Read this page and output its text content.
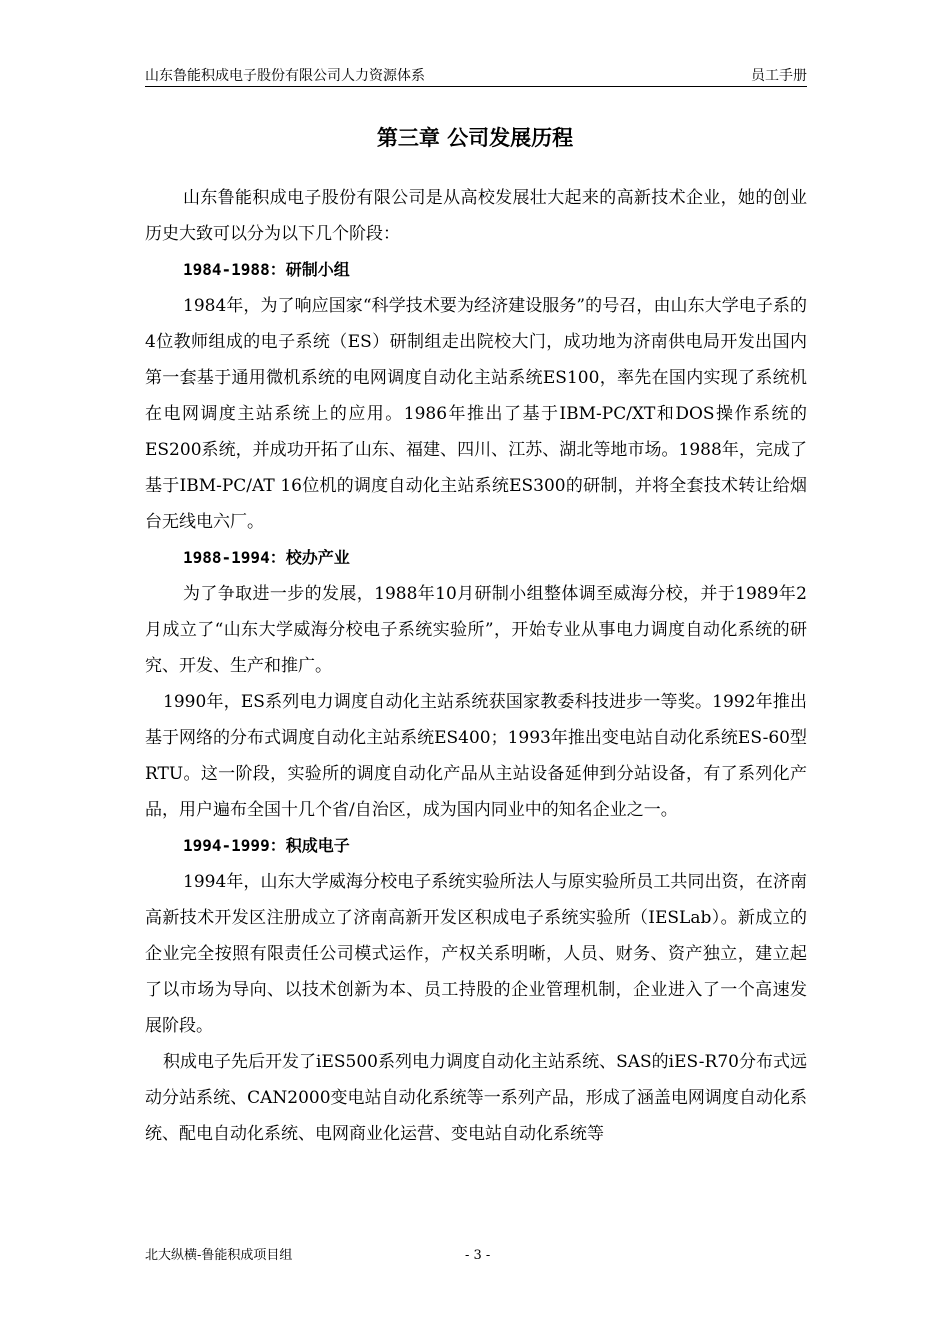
山东鲁能积成电子股份有限公司人力资源体系	员工手册
第三章 公司发展历程

山东鲁能积成电子股份有限公司是从高校发展壮大起来的高新技术企业，她的创业历史大致可以分为以下几个阶段：

1984-1988：研制小组

1984年，为了响应国家“科学技术要为经济建设服务”的号召，由山东大学电子系的4位教师组成的电子系统（ES）研制组走出院校大门，成功地为济南供电局开发出国内第一套基于通用微机系统的电网调度自动化主站系统ES100，率先在国内实现了系统机在电网调度主站系统上的应用。1986年推出了基于IBM-PC/XT和DOS操作系统的ES200系统，并成功开拓了山东、福建、四川、江苏、湖北等地市场。1988年，完成了基于IBM-PC/AT 16位机的调度自动化主站系统ES300的研制，并将全套技术转让给烟台无线电六厂。

1988-1994：校办产业

为了争取进一步的发展，1988年10月研制小组整体调至威海分校，并于1989年2月成立了“山东大学威海分校电子系统实验所”，开始专业从事电力调度自动化系统的研究、开发、生产和推广。

1990年，ES系列电力调度自动化主站系统获国家教委科技进步一等奖。1992年推出基于网络的分布式调度自动化主站系统ES400；1993年推出变电站自动化系统ES-60型RTU。这一阶段，实验所的调度自动化产品从主站设备延伸到分站设备，有了系列化产品，用户遍布全国十几个省/自治区，成为国内同业中的知名企业之一。

1994-1999：积成电子

1994年，山东大学威海分校电子系统实验所法人与原实验所员工共同出资，在济南高新技术开发区注册成立了济南高新开发区积成电子系统实验所（IESLab）。新成立的企业完全按照有限责任公司模式运作，产权关系明晰，人员、财务、资产独立，建立起了以市场为导向、以技术创新为本、员工持股的企业管理机制，企业进入了一个高速发展阶段。

积成电子先后开发了iES500系列电力调度自动化主站系统、SAS的iES-R70分布式远动分站系统、CAN2000变电站自动化系统等一系列产品，形成了涵盖电网调度自动化系统、配电自动化系统、电网商业化运营、变电站自动化系统等

北大纵横-鲁能积成项目组	- 3 -
